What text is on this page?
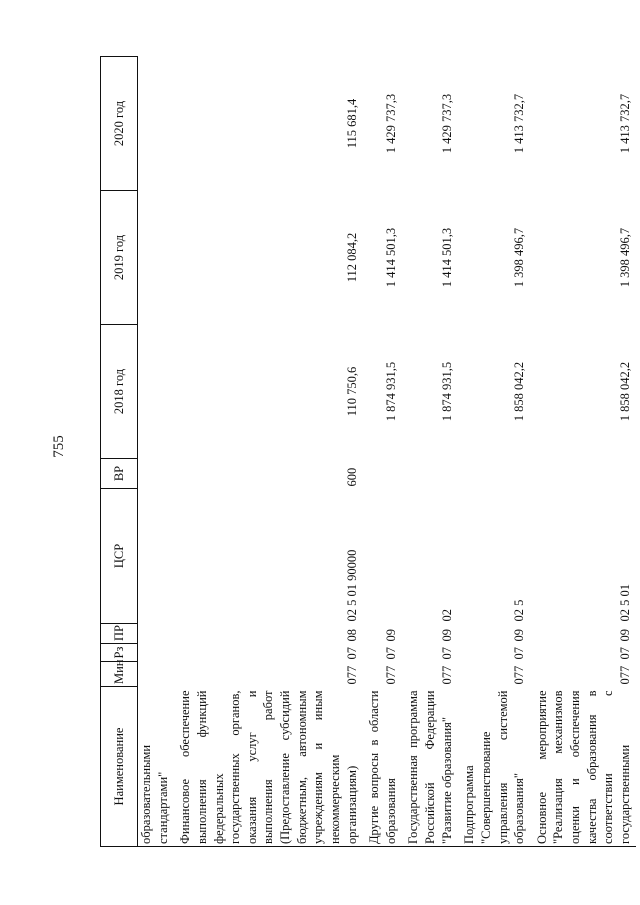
755
Наименование	Мин	Рз	ПР	ЦСР	ВР	2018 год	2019 год	2020 год
образовательными стандартами"								
Финансовое обеспечение выполнения функций федеральных государственных органов, оказания услуг и выполнения работ (Предоставление субсидий бюджетным, автономным учреждениям и иным некоммерческим организациям)	077	07	08	02 5 01 90000	600	110 750,6	112 084,2	115 681,4
Другие вопросы в области образования	077	07	09			1 874 931,5	1 414 501,3	1 429 737,3
Государственная программа Российской Федерации "Развитие образования"	077	07	09	02		1 874 931,5	1 414 501,3	1 429 737,3
Подпрограмма "Совершенствование управления системой образования"	077	07	09	02 5		1 858 042,2	1 398 496,7	1 413 732,7
Основное мероприятие "Реализация механизмов оценки и обеспечения качества образования в соответствии с государственными	077	07	09	02 5 01		1 858 042,2	1 398 496,7	1 413 732,7
